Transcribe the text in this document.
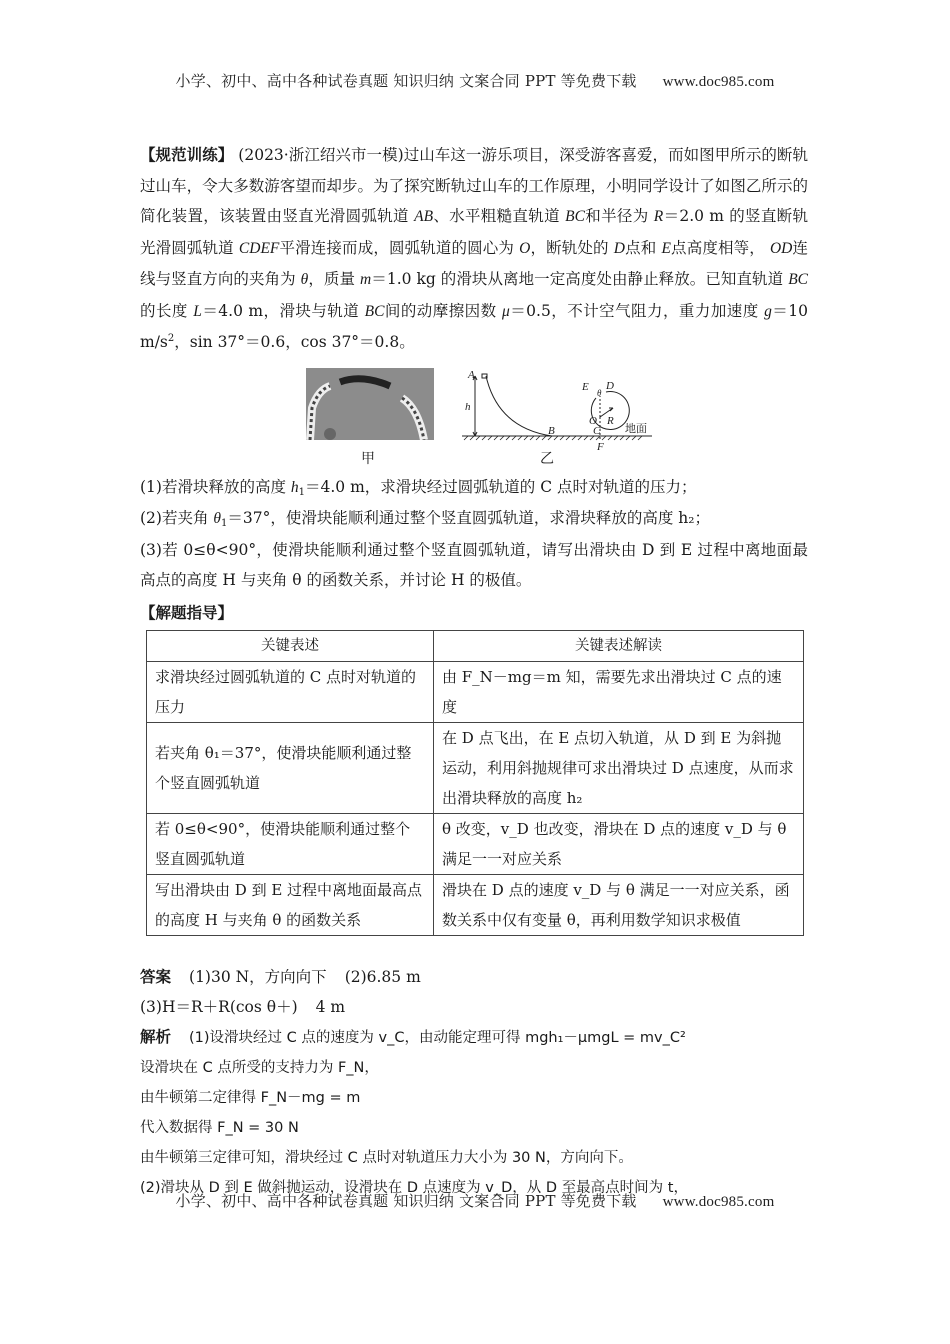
小学、初中、高中各种试卷真题 知识归纳 文案合同 PPT 等免费下载 www.doc985.com
【规范训练】 (2023·浙江绍兴市一模)过山车这一游乐项目，深受游客喜爱，而如图甲所示的断轨过山车，令大多数游客望而却步。为了探究断轨过山车的工作原理，小明同学设计了如图乙所示的简化装置，该装置由竖直光滑圆弧轨道 AB、水平粗糙直轨道 BC和半径为 R＝2.0 m 的竖直断轨光滑圆弧轨道 CDEF平滑连接而成，圆弧轨道的圆心为 O，断轨处的 D点和 E点高度相等， OD连线与竖直方向的夹角为 θ，质量 m＝1.0 kg 的滑块从离地一定高度处由静止释放。已知直轨道 BC的长度 L＝4.0 m，滑块与轨道 BC间的动摩擦因数 μ＝0.5，不计空气阻力，重力加速度 g＝10 $m/s^2$，sin 37°＝0.6，cos 37°＝0.8。
甲
A
h
B
E D
θ
O R
C
F
地面
乙
(1)若滑块释放的高度 $h_1=4.0$ m，求滑块经过圆弧轨道的 C 点时对轨道的压力；
(2)若夹角 $\theta_1=37^\circ$，使滑块能顺利通过整个竖直圆弧轨道，求滑块释放的高度 h₂；
(3)若 0≤θ<90°，使滑块能顺利通过整个竖直圆弧轨道，请写出滑块由 D 到 E 过程中离地面最高点的高度 H 与夹角 θ 的函数关系，并讨论 H 的极值。
【解题指导】
关键表述	关键表述解读
求滑块经过圆弧轨道的 C 点时对轨道的压力	由 F_N－mg＝m 知，需要先求出滑块过 C 点的速度
若夹角 θ₁＝37°，使滑块能顺利通过整个竖直圆弧轨道	在 D 点飞出，在 E 点切入轨道，从 D 到 E 为斜抛运动，利用斜抛规律可求出滑块过 D 点速度，从而求出滑块释放的高度 h₂
若 0≤θ<90°，使滑块能顺利通过整个竖直圆弧轨道	θ 改变，v_D 也改变，滑块在 D 点的速度 v_D 与 θ 满足一一对应关系
写出滑块由 D 到 E 过程中离地面最高点的高度 H 与夹角 θ 的函数关系	滑块在 D 点的速度 v_D 与 θ 满足一一对应关系，函数关系中仅有变量 θ，再利用数学知识求极值
答案 (1)30 N，方向向下 (2)6.85 m
(3)H＝R＋R(cos θ＋) 4 m
解析 (1)设滑块经过 C 点的速度为 v_C，由动能定理可得 mgh₁－μmgL = mv_C²
设滑块在 C 点所受的支持力为 F_N，
由牛顿第二定律得 F_N－mg = m
代入数据得 F_N = 30 N
由牛顿第三定律可知，滑块经过 C 点时对轨道压力大小为 30 N，方向向下。
(2)滑块从 D 到 E 做斜抛运动，设滑块在 D 点速度为 v_D，从 D 至最高点时间为 t，
小学、初中、高中各种试卷真题 知识归纳 文案合同 PPT 等免费下载 www.doc985.com
